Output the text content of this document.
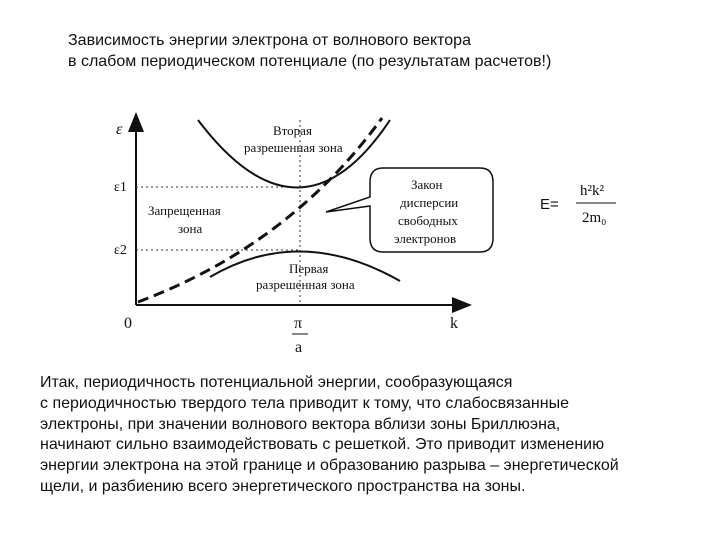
Зависимость энергии электрона от волнового вектора
в слабом периодическом потенциале (по результатам расчетов!)
ε
ε1
ε2
0	k
π
a
Вторая
разрешенная зона
Запрещенная
зона
Первая
разрешенная зона
Закон
дисперсии
свободных
электронов
E=
h²k²
2m₀
Итак, периодичность потенциальной энергии, сообразующаяся
с периодичностью твердого тела приводит к тому, что слабосвязанные
электроны, при значении волнового вектора вблизи зоны Бриллюэна,
начинают сильно взаимодействовать с решеткой. Это приводит изменению
энергии электрона на этой границе и образованию разрыва – энергетической
щели, и разбиению всего энергетического пространства на зоны.
